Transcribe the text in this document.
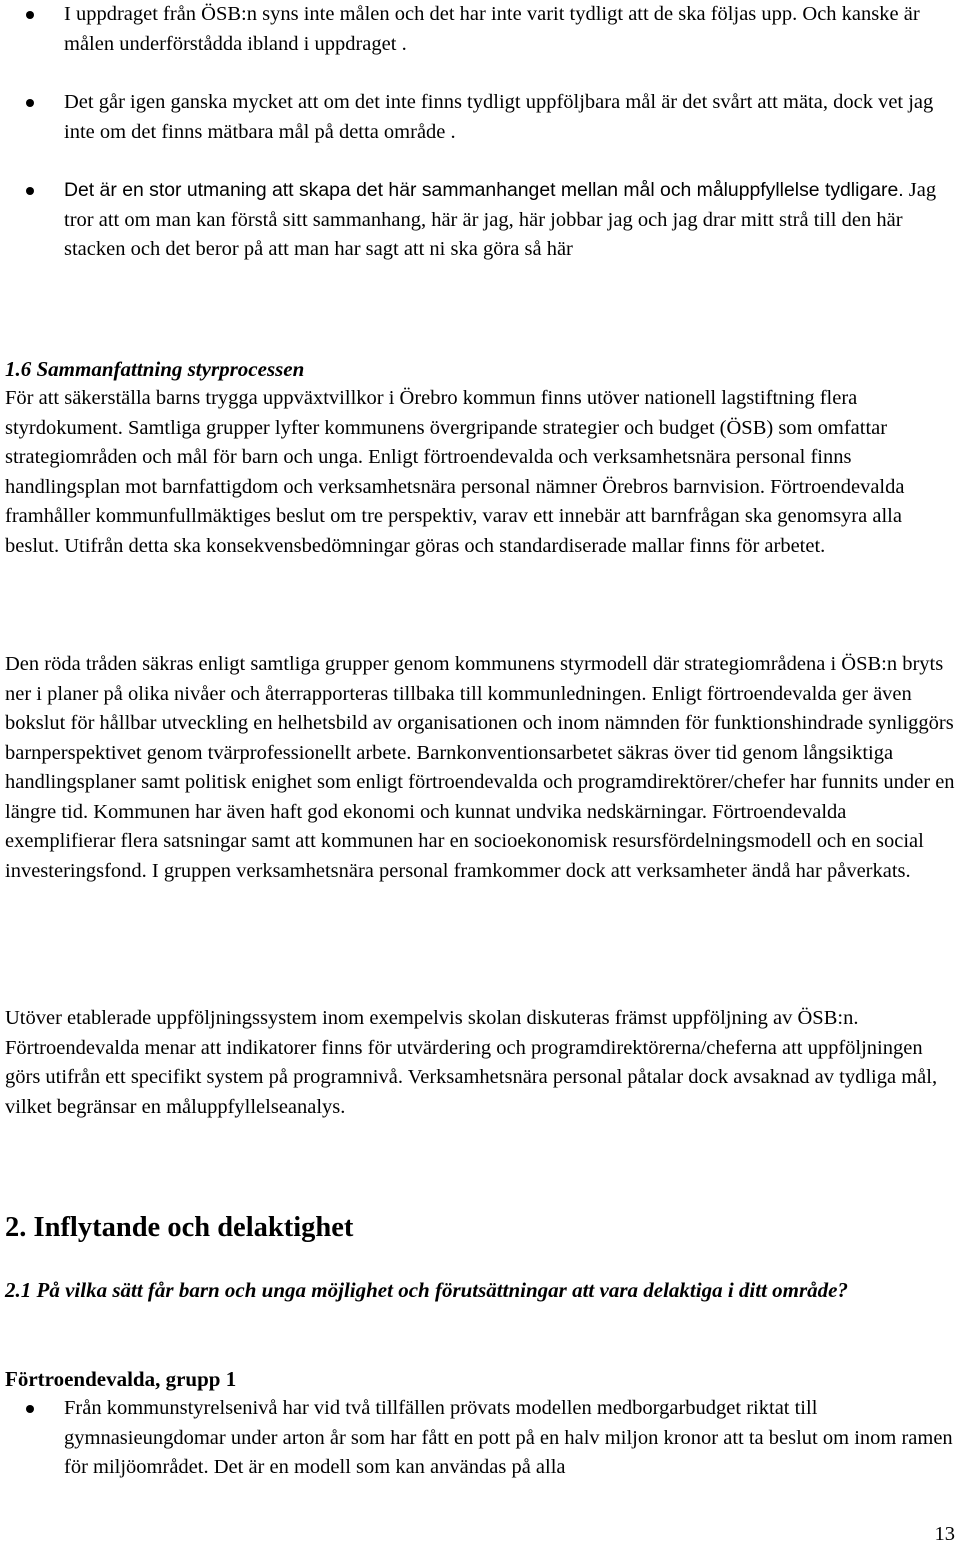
I uppdraget från ÖSB:n syns inte målen och det har inte varit tydligt att de ska följas upp. Och kanske är målen underförstådda ibland i uppdraget .
Det går igen ganska mycket att om det inte finns tydligt uppföljbara mål är det svårt att mäta, dock vet jag inte om det finns mätbara mål på detta område .
Det är en stor utmaning att skapa det här sammanhanget mellan mål och måluppfyllelse tydligare. Jag tror att om man kan förstå sitt sammanhang, här är jag, här jobbar jag och jag drar mitt strå till den här stacken och det beror på att man har sagt att ni ska göra så här
1.6 Sammanfattning styrprocessen

För att säkerställa barns trygga uppväxtvillkor i Örebro kommun finns utöver nationell lagstiftning flera styrdokument. Samtliga grupper lyfter kommunens övergripande strategier och budget (ÖSB) som omfattar strategiområden och mål för barn och unga. Enligt förtroendevalda och verksamhetsnära personal finns handlingsplan mot barnfattigdom och verksamhetsnära personal nämner Örebros barnvision. Förtroendevalda framhåller kommunfullmäktiges beslut om tre perspektiv, varav ett innebär att barnfrågan ska genomsyra alla beslut. Utifrån detta ska konsekvensbedömningar göras och standardiserade mallar finns för arbetet.

Den röda tråden säkras enligt samtliga grupper genom kommunens styrmodell där strategiområdena i ÖSB:n bryts ner i planer på olika nivåer och återrapporteras tillbaka till kommunledningen. Enligt förtroendevalda ger även bokslut för hållbar utveckling en helhetsbild av organisationen och inom nämnden för funktionshindrade synliggörs barnperspektivet genom tvärprofessionellt arbete. Barnkonventionsarbetet säkras över tid genom långsiktiga handlingsplaner samt politisk enighet som enligt förtroendevalda och programdirektörer/chefer har funnits under en längre tid. Kommunen har även haft god ekonomi och kunnat undvika nedskärningar. Förtroendevalda exemplifierar flera satsningar samt att kommunen har en socioekonomisk resursfördelningsmodell och en social investeringsfond. I gruppen verksamhetsnära personal framkommer dock att verksamheter ändå har påverkats.

Utöver etablerade uppföljningssystem inom exempelvis skolan diskuteras främst uppföljning av ÖSB:n. Förtroendevalda menar att indikatorer finns för utvärdering och programdirektörerna/cheferna att uppföljningen görs utifrån ett specifikt system på programnivå. Verksamhetsnära personal påtalar dock avsaknad av tydliga mål, vilket begränsar en måluppfyllelseanalys.

2. Inflytande och delaktighet
2.1 På vilka sätt får barn och unga möjlighet och förutsättningar att vara delaktiga i ditt område?
Förtroendevalda, grupp 1
Från kommunstyrelsenivå har vid två tillfällen prövats modellen medborgarbudget riktat till gymnasieungdomar under arton år som har fått en pott på en halv miljon kronor att ta beslut om inom ramen för miljöområdet. Det är en modell som kan användas på alla
13
